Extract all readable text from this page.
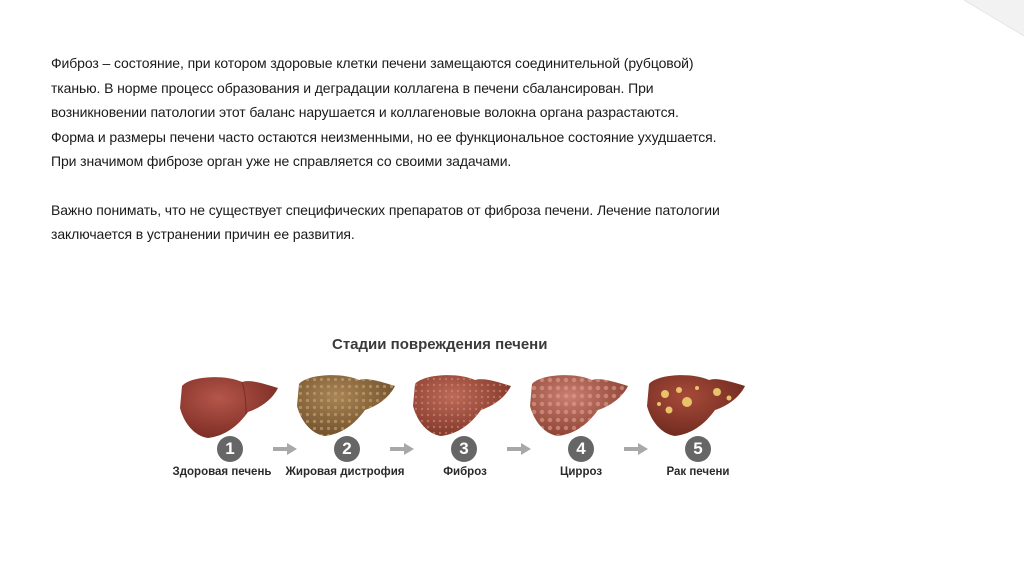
Фиброз – состояние, при котором здоровые клетки печени замещаются соединительной (рубцовой)
тканью. В норме процесс образования и деградации коллагена в печени сбалансирован. При
возникновении патологии этот баланс нарушается и коллагеновые волокна органа разрастаются.
Форма и размеры печени часто остаются неизменными, но ее функциональное состояние ухудшается.
При значимом фиброзе орган уже не справляется со своими задачами.

Важно понимать, что не существует специфических препаратов от фиброза печени. Лечение патологии
заключается в устранении причин ее развития.

Стадии повреждения печени
1	2	3	4	5
Здоровая печень Жировая дистрофия	Фиброз	Цирроз	Рак печени
